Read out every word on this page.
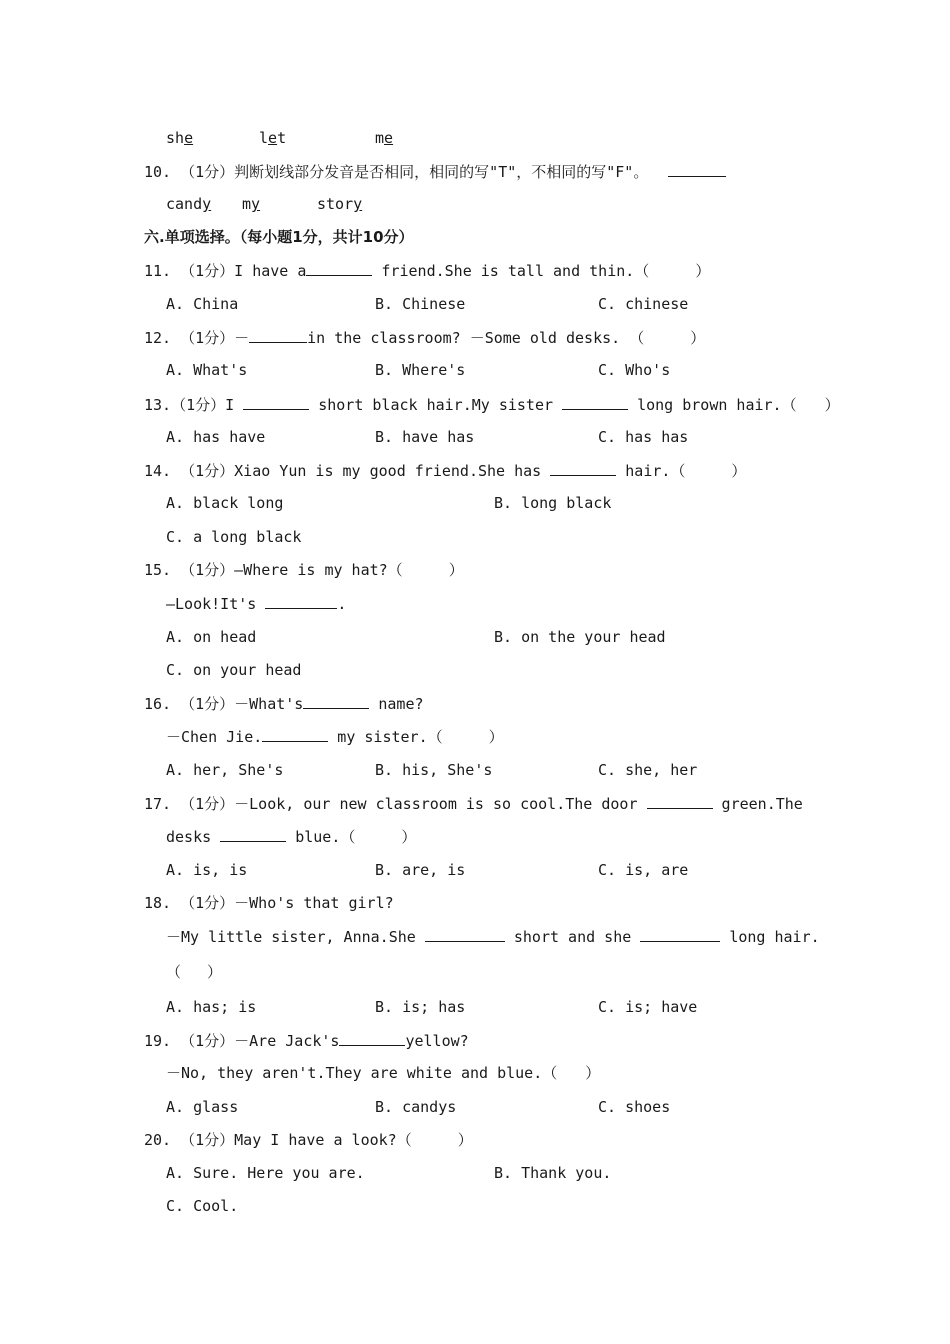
she	let	me
10. （1分）判断划线部分发音是否相同，相同的写"T"，不相同的写"F"。
candy my	story
六.单项选择。（每小题1分，共计10分）
11. （1分）I have a	friend.She is tall and thin.（	）
A. China	B. Chinese	C. chinese
12. （1分）－	in the classroom? －Some old desks. （	）
A. What's	B. Where's	C. Who's
13.（1分）I	short black hair.My sister	long brown hair.（ ）
A. has have	B. have has	C. has has
14. （1分）Xiao Yun is my good friend.She has	hair.（	）
A. black long	B. long black
C. a long black
15. （1分）—Where is my hat?（	）
—Look!It's	.
A. on head	B. on the your head
C. on your head
16. （1分）－What's	name?
－Chen Jie.	my sister.（	）
A. her, She's	B. his, She's	C. she, her
17. （1分）－Look, our new classroom is so cool.The door	green.The
desks	blue.（	）
A. is, is	B. are, is	C. is, are
18. （1分）－Who's that girl?
－My little sister, Anna.She	short and she	long hair.
（ ）
A. has; is	B. is; has	C. is; have
19. （1分）－Are Jack's	yellow?
－No, they aren't.They are white and blue.（ ）
A. glass	B. candys	C. shoes
20. （1分）May I have a look?（	）
A. Sure. Here you are.	B. Thank you.
C. Cool.
